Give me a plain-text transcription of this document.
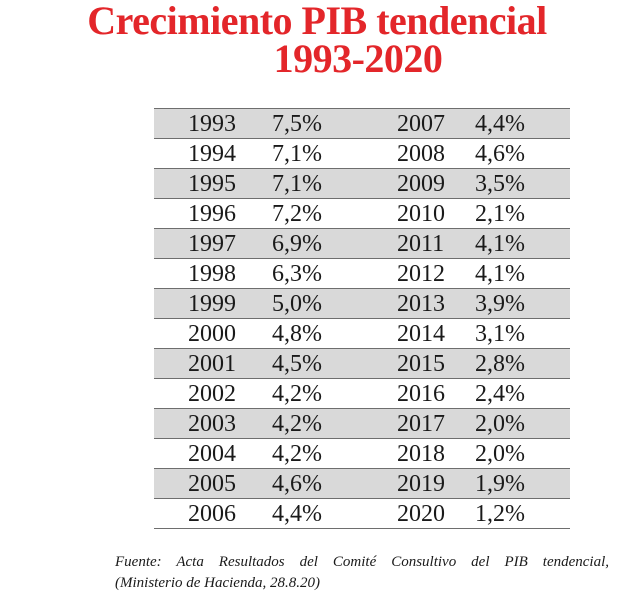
Crecimiento PIB tendencial
1993-2020
1993 7,5%	2007 4,4%
1994 7,1%	2008 4,6%
1995 7,1%	2009 3,5%
1996 7,2%	2010 2,1%
1997 6,9%	2011 4,1%
1998 6,3%	2012 4,1%
1999 5,0%	2013 3,9%
2000 4,8%	2014 3,1%
2001 4,5%	2015 2,8%
2002 4,2%	2016 2,4%
2003 4,2%	2017 2,0%
2004 4,2%	2018 2,0%
2005 4,6%	2019 1,9%
2006 4,4%	2020 1,2%
Fuente: Acta Resultados del Comité Consultivo del PIB tendencial,
(Ministerio de Hacienda, 28.8.20)
